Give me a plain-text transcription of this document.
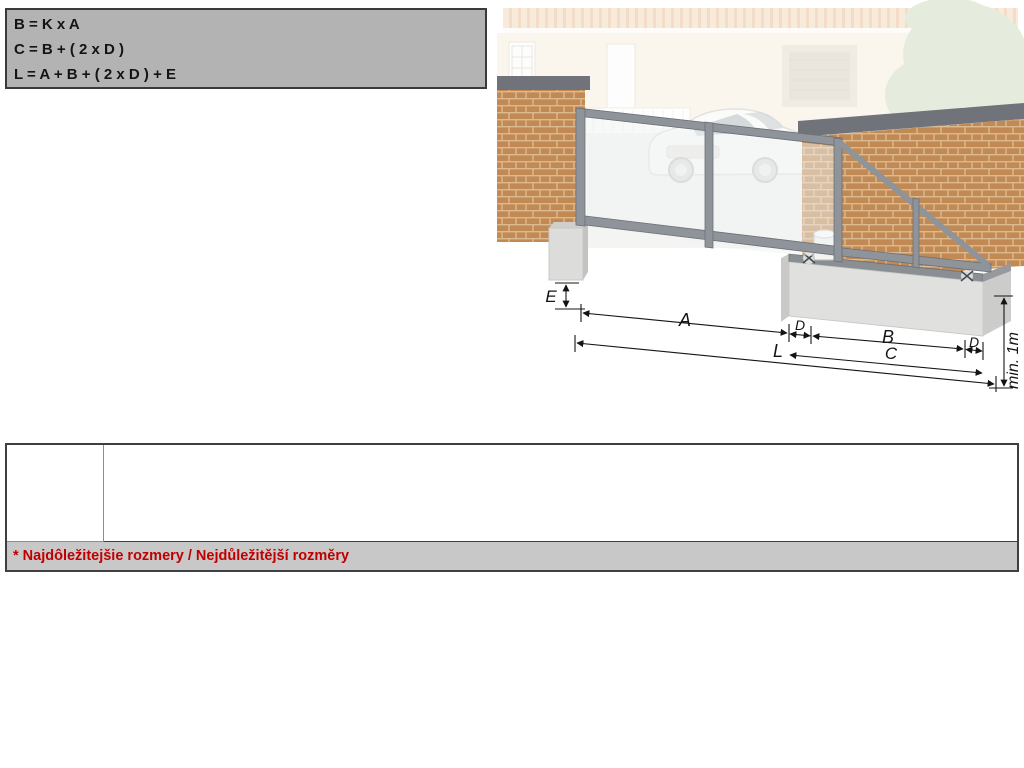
B = K x A
C = B + ( 2 x D )
L = A + B + ( 2 x D ) + E
E
A	D
B	D
C
L	min. 1m

* Najdôležitejšie rozmery / Nejdůležitější rozměry
